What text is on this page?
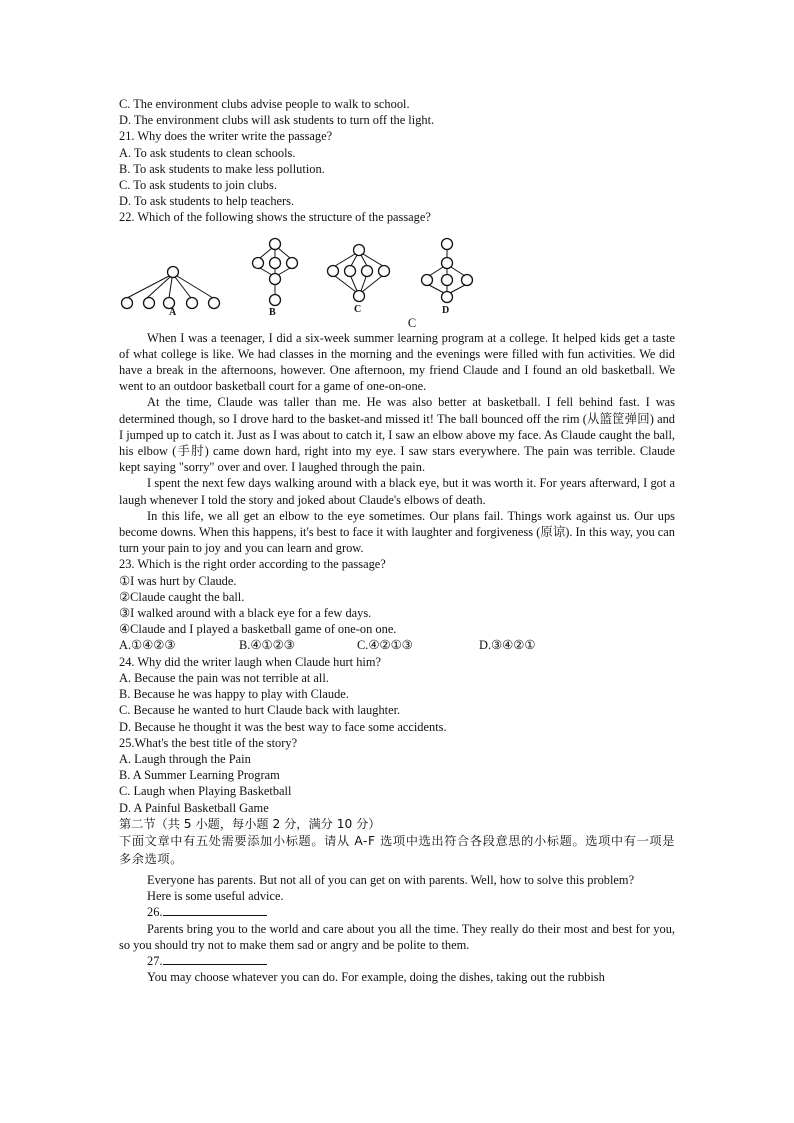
C. The environment clubs advise people to walk to school.
D. The environment clubs will ask students to turn off the light.
21. Why does the writer write the passage?
A. To ask students to clean schools.
B. To ask students to make less pollution.
C. To ask students to join clubs.
D. To ask students to help teachers.
22. Which of the following shows the structure of the passage?
A	B	C	D
C
When I was a teenager, I did a six-week summer learning program at a college. It helped kids get a taste of what college is like. We had classes in the morning and the evenings were filled with fun activities. We did have a break in the afternoons, however. One afternoon, my friend Claude and I found an old basketball. We went to an outdoor basketball court for a game of one-on-one.
At the time, Claude was taller than me. He was also better at basketball. I fell behind fast. I was determined though, so I drove hard to the basket-and missed it! The ball bounced off the rim (从篮筐弹回) and I jumped up to catch it. Just as I was about to catch it, I saw an elbow above my face. As Claude caught the ball, his elbow (手肘) came down hard, right into my eye. I saw stars everywhere. The pain was terrible. Claude kept saying "sorry" over and over. I laughed through the pain.
I spent the next few days walking around with a black eye, but it was worth it. For years afterward, I got a laugh whenever I told the story and joked about Claude's elbows of death.
In this life, we all get an elbow to the eye sometimes. Our plans fail. Things work against us. Our ups become downs. When this happens, it's best to face it with laughter and forgiveness (原谅). In this way, you can turn your pain to joy and you can learn and grow.
23. Which is the right order according to the passage?
①I was hurt by Claude.
②Claude caught the ball.
③I walked around with a black eye for a few days.
④Claude and I played a basketball game of one-on one.
A.①④②③	B.④①②③	C.④②①③	D.③④②①
24. Why did the writer laugh when Claude hurt him?
A. Because the pain was not terrible at all.
B. Because he was happy to play with Claude.
C. Because he wanted to hurt Claude back with laughter.
D. Because he thought it was the best way to face some accidents.
25.What's the best title of the story?
A. Laugh through the Pain
B. A Summer Learning Program
C. Laugh when Playing Basketball
D. A Painful Basketball Game
第二节（共 5 小题，每小题 2 分，满分 10 分）
下面文章中有五处需要添加小标题。请从 A-F 选项中选出符合各段意思的小标题。选项中有一项是多余选项。
Everyone has parents. But not all of you can get on with parents. Well, how to solve this problem?
Here is some useful advice.
26.
Parents bring you to the world and care about you all the time. They really do their most and best for you, so you should try not to make them sad or angry and be polite to them.
27.
You may choose whatever you can do. For example, doing the dishes, taking out the rubbish
